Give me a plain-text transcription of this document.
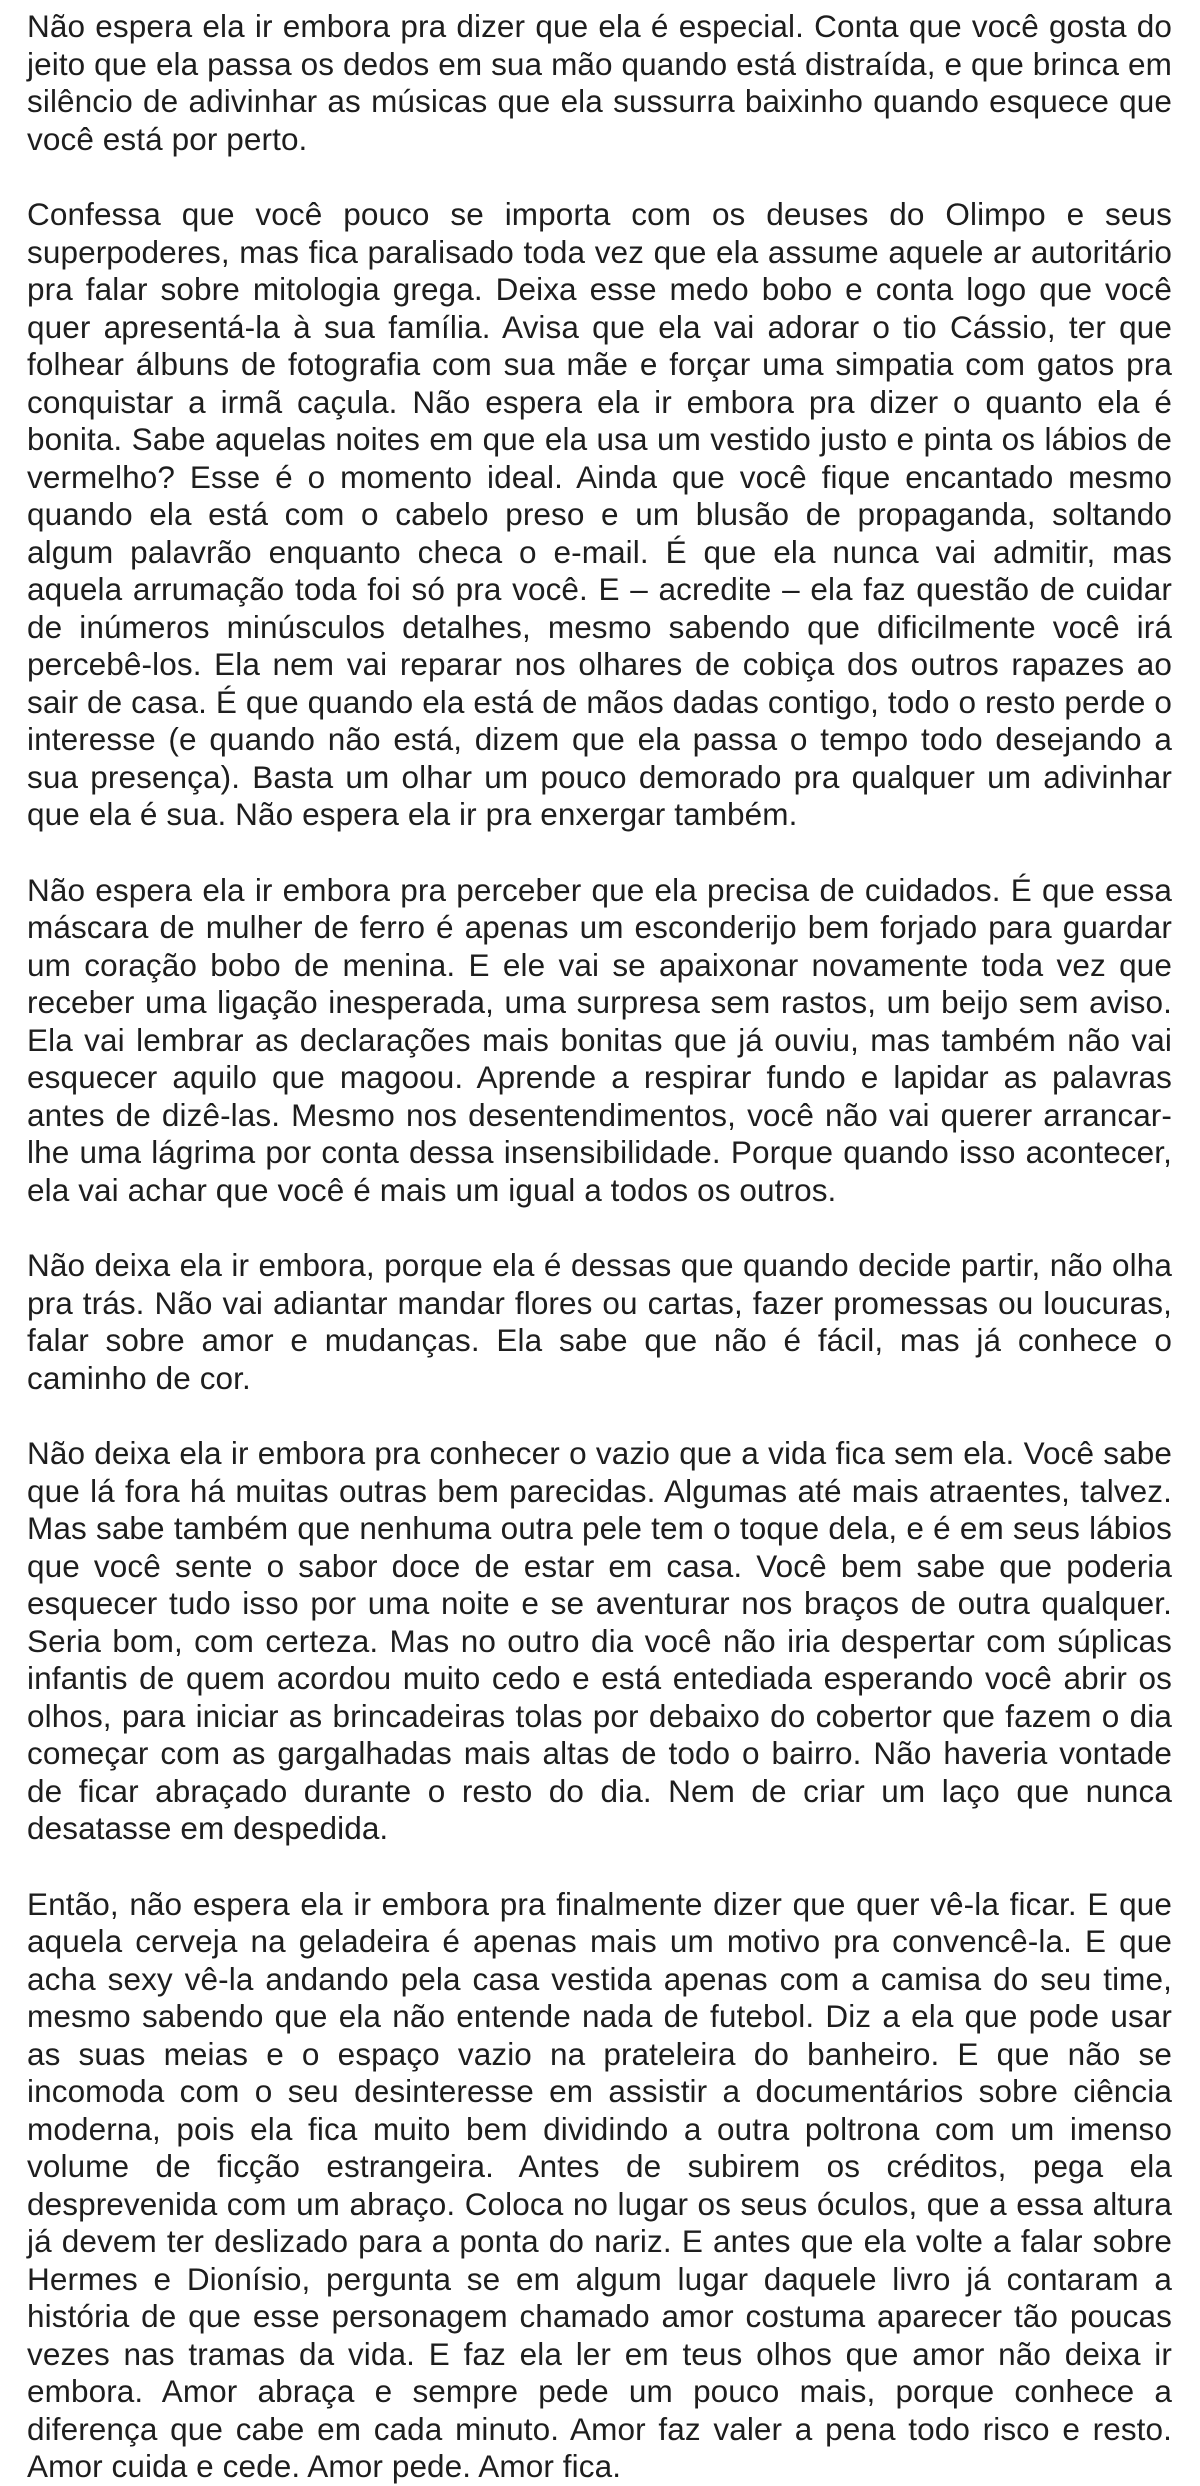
Não espera ela ir embora pra dizer que ela é especial. Conta que você gosta do jeito que ela passa os dedos em sua mão quando está distraída, e que brinca em silêncio de adivinhar as músicas que ela sussurra baixinho quando esquece que você está por perto.

Confessa que você pouco se importa com os deuses do Olimpo e seus superpoderes, mas fica paralisado toda vez que ela assume aquele ar autoritário pra falar sobre mitologia grega. Deixa esse medo bobo e conta logo que você quer apresentá-la à sua família. Avisa que ela vai adorar o tio Cássio, ter que folhear álbuns de fotografia com sua mãe e forçar uma simpatia com gatos pra conquistar a irmã caçula. Não espera ela ir embora pra dizer o quanto ela é bonita. Sabe aquelas noites em que ela usa um vestido justo e pinta os lábios de vermelho? Esse é o momento ideal. Ainda que você fique encantado mesmo quando ela está com o cabelo preso e um blusão de propaganda, soltando algum palavrão enquanto checa o e-mail. É que ela nunca vai admitir, mas aquela arrumação toda foi só pra você. E – acredite – ela faz questão de cuidar de inúmeros minúsculos detalhes, mesmo sabendo que dificilmente você irá percebê-los. Ela nem vai reparar nos olhares de cobiça dos outros rapazes ao sair de casa. É que quando ela está de mãos dadas contigo, todo o resto perde o interesse (e quando não está, dizem que ela passa o tempo todo desejando a sua presença). Basta um olhar um pouco demorado pra qualquer um adivinhar que ela é sua. Não espera ela ir pra enxergar também.

Não espera ela ir embora pra perceber que ela precisa de cuidados. É que essa máscara de mulher de ferro é apenas um esconderijo bem forjado para guardar um coração bobo de menina. E ele vai se apaixonar novamente toda vez que receber uma ligação inesperada, uma surpresa sem rastos, um beijo sem aviso. Ela vai lembrar as declarações mais bonitas que já ouviu, mas também não vai esquecer aquilo que magoou. Aprende a respirar fundo e lapidar as palavras antes de dizê-las. Mesmo nos desentendimentos, você não vai querer arrancar-lhe uma lágrima por conta dessa insensibilidade. Porque quando isso acontecer, ela vai achar que você é mais um igual a todos os outros.

Não deixa ela ir embora, porque ela é dessas que quando decide partir, não olha pra trás. Não vai adiantar mandar flores ou cartas, fazer promessas ou loucuras, falar sobre amor e mudanças. Ela sabe que não é fácil, mas já conhece o caminho de cor.

Não deixa ela ir embora pra conhecer o vazio que a vida fica sem ela. Você sabe que lá fora há muitas outras bem parecidas. Algumas até mais atraentes, talvez. Mas sabe também que nenhuma outra pele tem o toque dela, e é em seus lábios que você sente o sabor doce de estar em casa. Você bem sabe que poderia esquecer tudo isso por uma noite e se aventurar nos braços de outra qualquer. Seria bom, com certeza. Mas no outro dia você não iria despertar com súplicas infantis de quem acordou muito cedo e está entediada esperando você abrir os olhos, para iniciar as brincadeiras tolas por debaixo do cobertor que fazem o dia começar com as gargalhadas mais altas de todo o bairro. Não haveria vontade de ficar abraçado durante o resto do dia. Nem de criar um laço que nunca desatasse em despedida.

Então, não espera ela ir embora pra finalmente dizer que quer vê-la ficar. E que aquela cerveja na geladeira é apenas mais um motivo pra convencê-la. E que acha sexy vê-la andando pela casa vestida apenas com a camisa do seu time, mesmo sabendo que ela não entende nada de futebol. Diz a ela que pode usar as suas meias e o espaço vazio na prateleira do banheiro. E que não se incomoda com o seu desinteresse em assistir a documentários sobre ciência moderna, pois ela fica muito bem dividindo a outra poltrona com um imenso volume de ficção estrangeira. Antes de subirem os créditos, pega ela desprevenida com um abraço. Coloca no lugar os seus óculos, que a essa altura já devem ter deslizado para a ponta do nariz. E antes que ela volte a falar sobre Hermes e Dionísio, pergunta se em algum lugar daquele livro já contaram a história de que esse personagem chamado amor costuma aparecer tão poucas vezes nas tramas da vida. E faz ela ler em teus olhos que amor não deixa ir embora. Amor abraça e sempre pede um pouco mais, porque conhece a diferença que cabe em cada minuto. Amor faz valer a pena todo risco e resto. Amor cuida e cede. Amor pede. Amor fica.
